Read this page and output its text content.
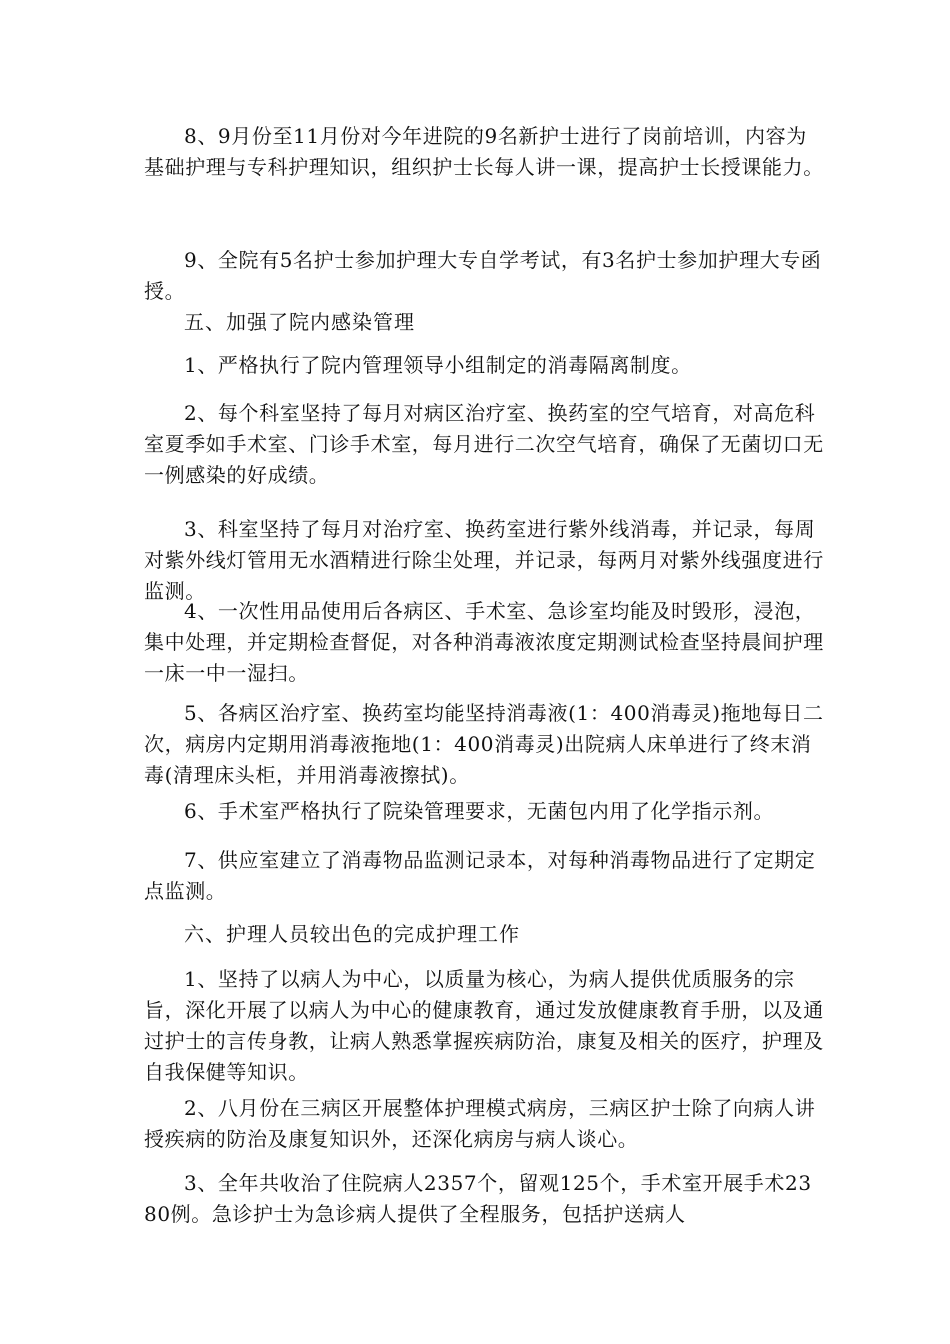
8、9月份至11月份对今年进院的9名新护士进行了岗前培训，内容为基础护理与专科护理知识，组织护士长每人讲一课，提高护士长授课能力。

9、全院有5名护士参加护理大专自学考试，有3名护士参加护理大专函授。

五、加强了院内感染管理

1、严格执行了院内管理领导小组制定的消毒隔离制度。

2、每个科室坚持了每月对病区治疗室、换药室的空气培育，对高危科室夏季如手术室、门诊手术室，每月进行二次空气培育，确保了无菌切口无一例感染的好成绩。

3、科室坚持了每月对治疗室、换药室进行紫外线消毒，并记录，每周对紫外线灯管用无水酒精进行除尘处理，并记录，每两月对紫外线强度进行监测。

4、一次性用品使用后各病区、手术室、急诊室均能及时毁形，浸泡，集中处理，并定期检查督促，对各种消毒液浓度定期测试检查坚持晨间护理一床一中一湿扫。

5、各病区治疗室、换药室均能坚持消毒液(1：400消毒灵)拖地每日二次，病房内定期用消毒液拖地(1：400消毒灵)出院病人床单进行了终末消毒(清理床头柜，并用消毒液擦拭)。

6、手术室严格执行了院染管理要求，无菌包内用了化学指示剂。

7、供应室建立了消毒物品监测记录本，对每种消毒物品进行了定期定点监测。

六、护理人员较出色的完成护理工作

1、坚持了以病人为中心，以质量为核心，为病人提供优质服务的宗旨，深化开展了以病人为中心的健康教育，通过发放健康教育手册，以及通过护士的言传身教，让病人熟悉掌握疾病防治，康复及相关的医疗，护理及自我保健等知识。

2、八月份在三病区开展整体护理模式病房，三病区护士除了向病人讲授疾病的防治及康复知识外，还深化病房与病人谈心。

3、全年共收治了住院病人2357个，留观125个，手术室开展手术2380例。急诊护士为急诊病人提供了全程服务，包括护送病人
